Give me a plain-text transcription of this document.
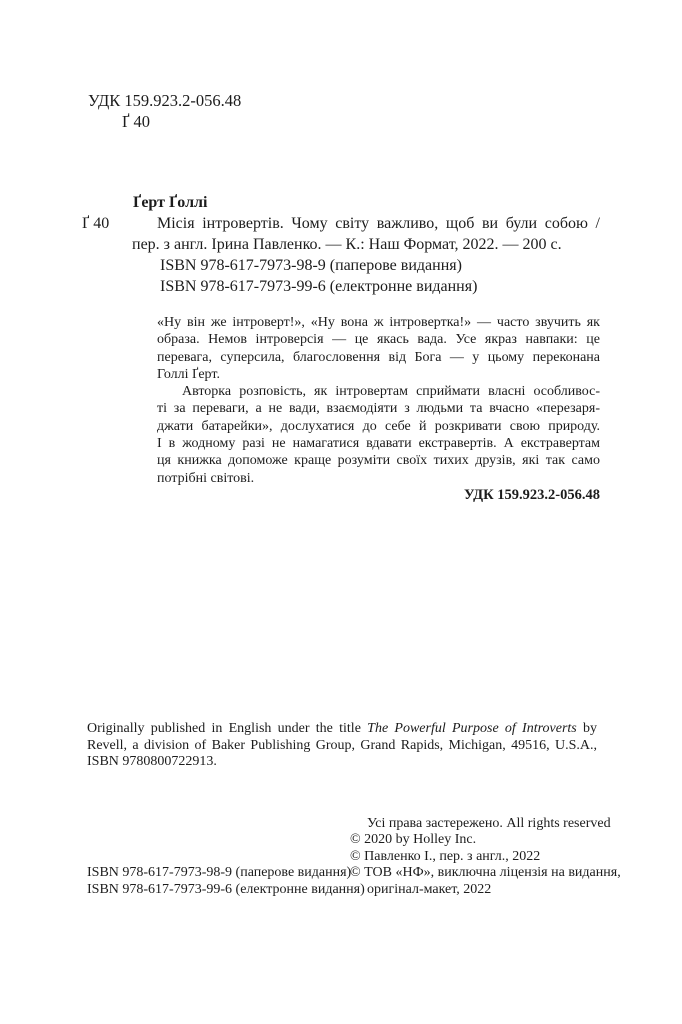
УДК 159.923.2-056.48
Ґ 40
Ґерт Ґоллі
Ґ 40	Місія інтровертів. Чому світу важливо, щоб ви були собою /
пер. з англ. Ірина Павленко. — К.: Наш Формат, 2022. — 200 с.
ISBN 978-617-7973-98-9 (паперове видання)
ISBN 978-617-7973-99-6 (електронне видання)
«Ну він же інтроверт!», «Ну вона ж інтровертка!» — часто звучить як
образа. Немов інтроверсія — це якась вада. Усе якраз навпаки: це
перевага, суперсила, благословення від Бога — у цьому переконана
Голлі Ґерт.
Авторка розповість, як інтровертам сприймати власні особливос-
ті за переваги, а не вади, взаємодіяти з людьми та вчасно «перезаря-
джати батарейки», дослухатися до себе й розкривати свою природу.
І в жодному разі не намагатися вдавати екстравертів. А екстравертам
ця книжка допоможе краще розуміти своїх тихих друзів, які так само
потрібні світові.
УДК 159.923.2-056.48
Originally published in English under the title The Powerful Purpose of Introverts by
Revell, a division of Baker Publishing Group, Grand Rapids, Michigan, 49516, U.S.A.,
ISBN 9780800722913.
ISBN 978-617-7973-98-9 (паперове видання)
ISBN 978-617-7973-99-6 (електронне видання)
Усі права застережено. All rights reserved
© 2020 by Holley Inc.
© Павленко І., пер. з англ., 2022
© ТОВ «НФ», виключна ліцензія на видання,
оригінал-макет, 2022
